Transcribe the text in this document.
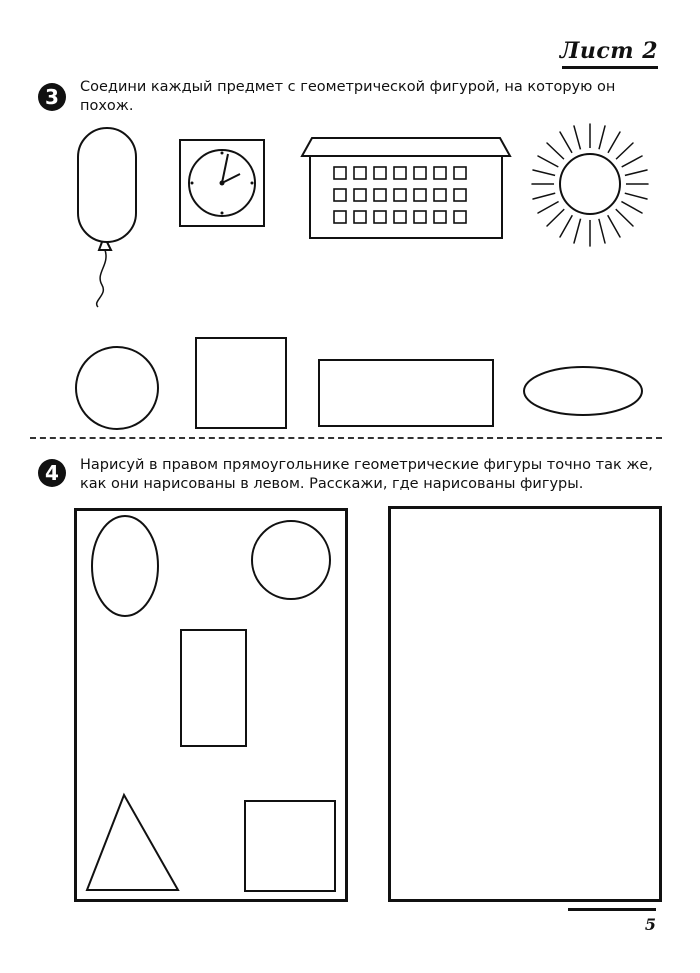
Лист 2
3	Соедини каждый предмет с геометрической фигурой, на которую он похож.
4	Нарисуй в правом прямоугольнике геометрические фигуры точно так же, как они нарисованы в левом. Расскажи, где нарисованы фигуры.
5
